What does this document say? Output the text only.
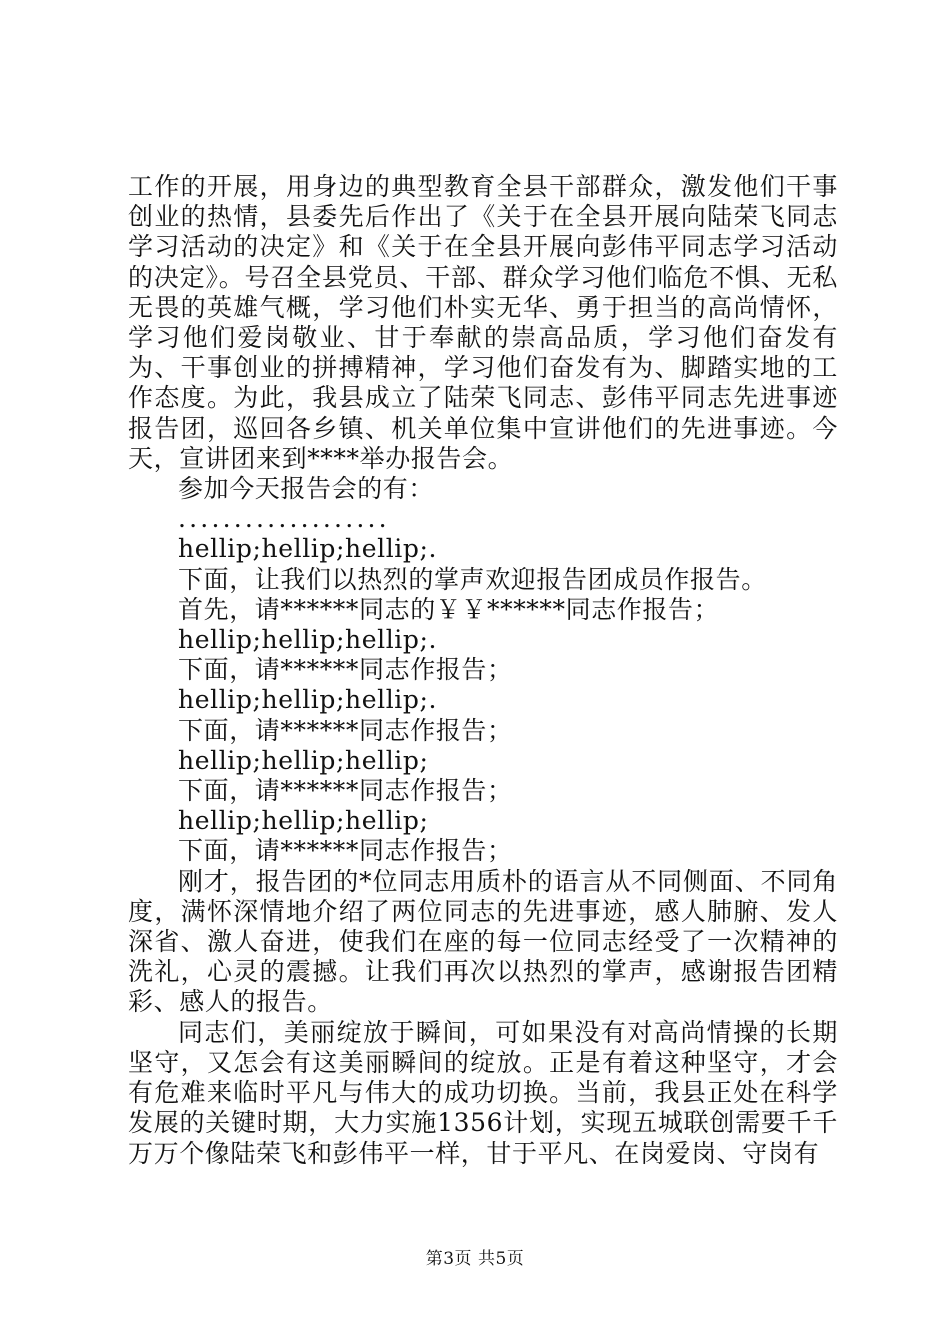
工作的开展，用身边的典型教育全县干部群众，激发他们干事创业的热情，县委先后作出了《关于在全县开展向陆荣飞同志学习活动的决定》和《关于在全县开展向彭伟平同志学习活动的决定》。号召全县党员、干部、群众学习他们临危不惧、无私无畏的英雄气概，学习他们朴实无华、勇于担当的高尚情怀，学习他们爱岗敬业、甘于奉献的崇高品质，学习他们奋发有为、干事创业的拼搏精神，学习他们奋发有为、脚踏实地的工作态度。为此，我县成立了陆荣飞同志、彭伟平同志先进事迹报告团，巡回各乡镇、机关单位集中宣讲他们的先进事迹。今天，宣讲团来到****举办报告会。

参加今天报告会的有：

...................

hellip;hellip;hellip;.

下面，让我们以热烈的掌声欢迎报告团成员作报告。

首先，请******同志的￥￥******同志作报告；

hellip;hellip;hellip;.

下面，请******同志作报告；

hellip;hellip;hellip;.

下面，请******同志作报告；

hellip;hellip;hellip;

下面，请******同志作报告；

hellip;hellip;hellip;

下面，请******同志作报告；

刚才，报告团的*位同志用质朴的语言从不同侧面、不同角度，满怀深情地介绍了两位同志的先进事迹，感人肺腑、发人深省、激人奋进，使我们在座的每一位同志经受了一次精神的洗礼，心灵的震撼。让我们再次以热烈的掌声，感谢报告团精彩、感人的报告。

同志们，美丽绽放于瞬间，可如果没有对高尚情操的长期坚守，又怎会有这美丽瞬间的绽放。正是有着这种坚守，才会有危难来临时平凡与伟大的成功切换。当前，我县正处在科学发展的关键时期，大力实施1356计划，实现五城联创需要千千万万个像陆荣飞和彭伟平一样，甘于平凡、在岗爱岗、守岗有

第3页 共5页
